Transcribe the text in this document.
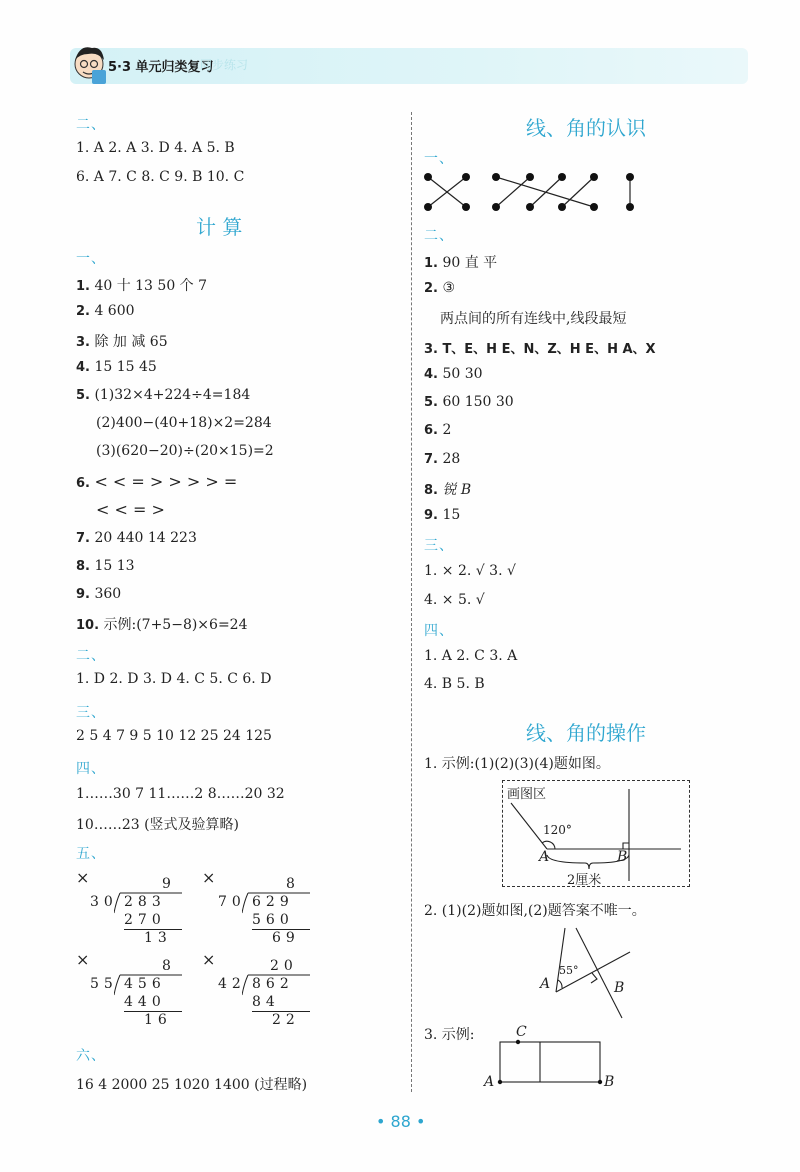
5·3 单元归类复习
同步练习
二、
1. A 2. A 3. D 4. A 5. B
6. A 7. C 8. C 9. B 10. C
计 算
一、
1. 40 十 13 50 个 7
2. 4 600
3. 除 加 减 65
4. 15 15 45
5. (1)32×4+224÷4=184
(2)400−(40+18)×2=284
(3)(620−20)÷(20×15)=2
6. < < = > > > > =
< < = >
7. 20 440 14 223
8. 15 13
9. 360
10. 示例:(7+5−8)×6=24
二、
1. D 2. D 3. D 4. C 5. C 6. D
三、
2 5 4 7 9 5 10 12 25 24 125
四、
1……30 7 11……2 8……20 32
10……23 (竖式及验算略)
五、
×	9
30 283
270
13
×	8
70 629
560
69
×	8
55 456
440
16
×	20
42 862
84
22
六、
16 4 2000 25 1020 1400 (过程略)
线、角的认识
一、
二、
1. 90 直 平
2. ③
两点间的所有连线中,线段最短
3. T、E、H E、N、Z、H E、H A、X
4. 50 30
5. 60 150 30
6. 2
7. 28
8. 锐 B
9. 15
三、
1. × 2. √ 3. √
4. × 5. √
四、
1. A 2. C 3. A
4. B 5. B
线、角的操作
1. 示例:(1)(2)(3)(4)题如图。
画图区
120°
A	B
2厘米
2. (1)(2)题如图,(2)题答案不唯一。
55°
A	B
3. 示例:	C
A	B
• 88 •
